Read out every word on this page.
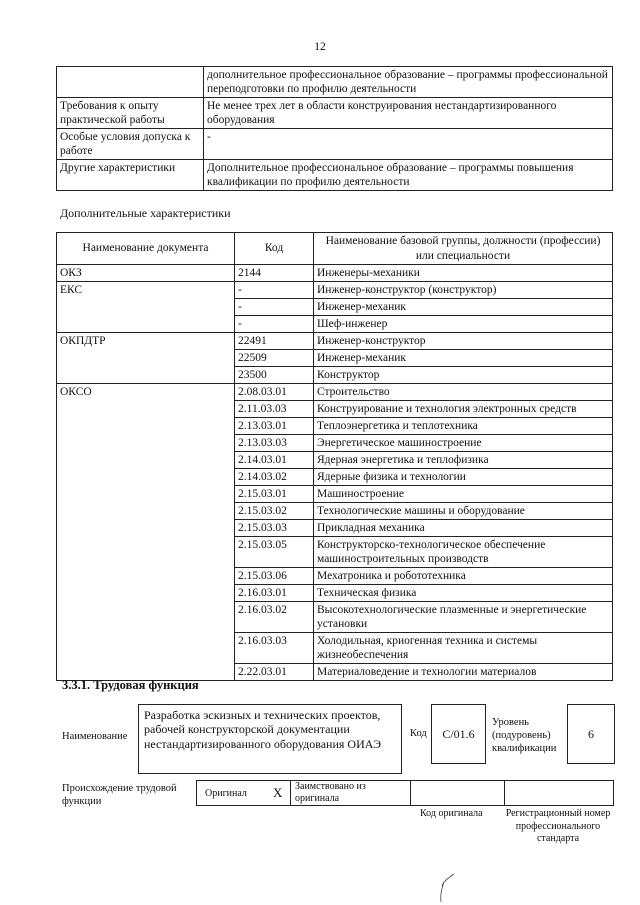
12
	дополнительное профессиональное образование – программы профессиональной переподготовки по профилю деятельности
Требования к опыту практической работы	Не менее трех лет в области конструирования нестандартизированного оборудования
Особые условия допуска к работе	-
Другие характеристики	Дополнительное профессиональное образование – программы повышения квалификации по профилю деятельности
Дополнительные характеристики
Наименование документа	Код	Наименование базовой группы, должности (профессии) или специальности
ОКЗ	2144	Инженеры-механики
ЕКС	-	Инженер-конструктор (конструктор)
	-	Инженер-механик
	-	Шеф-инженер
ОКПДТР	22491	Инженер-конструктор
	22509	Инженер-механик
	23500	Конструктор
ОКСО	2.08.03.01	Строительство
	2.11.03.03	Конструирование и технология электронных средств
	2.13.03.01	Теплоэнергетика и теплотехника
	2.13.03.03	Энергетическое машиностроение
	2.14.03.01	Ядерная энергетика и теплофизика
	2.14.03.02	Ядерные физика и технологии
	2.15.03.01	Машиностроение
	2.15.03.02	Технологические машины и оборудование
	2.15.03.03	Прикладная механика
	2.15.03.05	Конструкторско-технологическое обеспечение машиностроительных производств
	2.15.03.06	Мехатроника и робототехника
	2.16.03.01	Техническая физика
	2.16.03.02	Высокотехнологические плазменные и энергетические установки
	2.16.03.03	Холодильная, криогенная техника и системы жизнеобеспечения
	2.22.03.01	Материаловедение и технологии материалов
3.3.1. Трудовая функция
Наименование
Разработка эскизных и технических проектов, рабочей конструкторской документации нестандартизированного оборудования ОИАЭ
Код	C/01.6
Уровень (подуровень) квалификации
6
Происхождение трудовой функции
Оригинал X Заимствовано из оригинала
Код оригинала	Регистрационный номер профессионального стандарта
